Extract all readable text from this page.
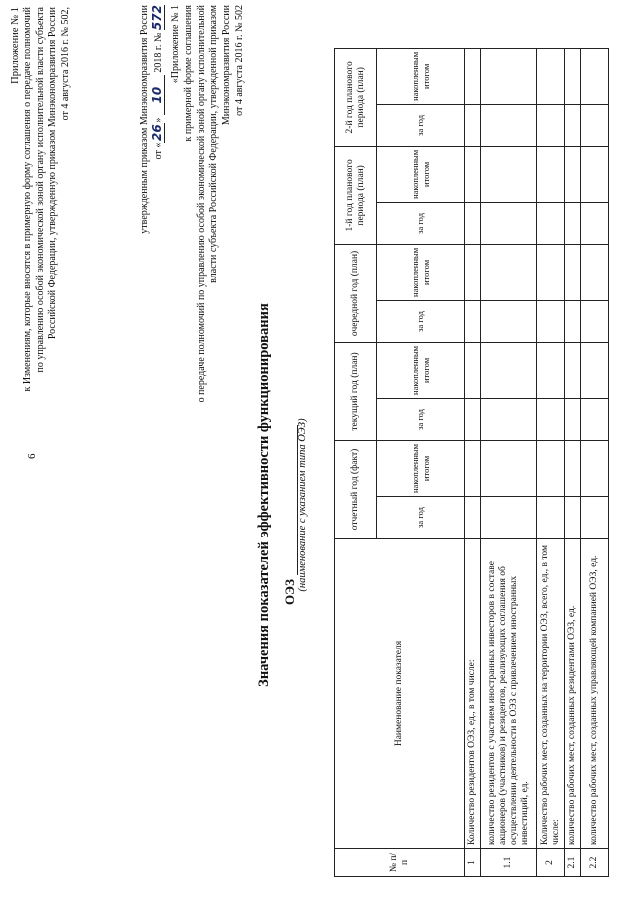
6
Приложение № 1 к Изменениям, которые вносятся в примерную форму соглашения о передаче полномочий по управлению особой экономической зоной органу исполнительной власти субъекта Российской Федерации, утвержденную приказом Минэкономразвития России от 4 августа 2016 г. № 502,	утвержденным приказом Минэкономразвития России от «26» 10 2018 г. № 572 «Приложение № 1 к примерной форме соглашения о передаче полномочий по управлению особой экономической зоной органу исполнительной власти субъекта Российской Федерации, утвержденной приказом Минэкономразвития России от 4 августа 2016 г. № 502
Значения показателей эффективности функционирования ОЭЗ
(наименование с указанием типа ОЭЗ)
№ п/п	Наименование показателя	отчетный год (факт)		текущий год (план)		очередной год (план)		1-й год планового периода (план)		2-й год планового периода (план)	
		за год	накопленным итогом	за год	накопленным итогом	за год	накопленным итогом	за год	накопленным итогом	за год	накопленным итогом
1	Количество резидентов ОЭЗ, ед., в том числе:										
1.1	количество резидентов с участием иностранных инвесторов в составе акционеров (участников) и резидентов, реализующих соглашения об осуществлении деятельности в ОЭЗ с привлечением иностранных инвестиций, ед.										
2	Количество рабочих мест, созданных на территории ОЭЗ, всего, ед., в том числе:										
2.1	количество рабочих мест, созданных резидентами ОЭЗ, ед.										
2.2	количество рабочих мест, созданных управляющей компанией ОЭЗ, ед.										
